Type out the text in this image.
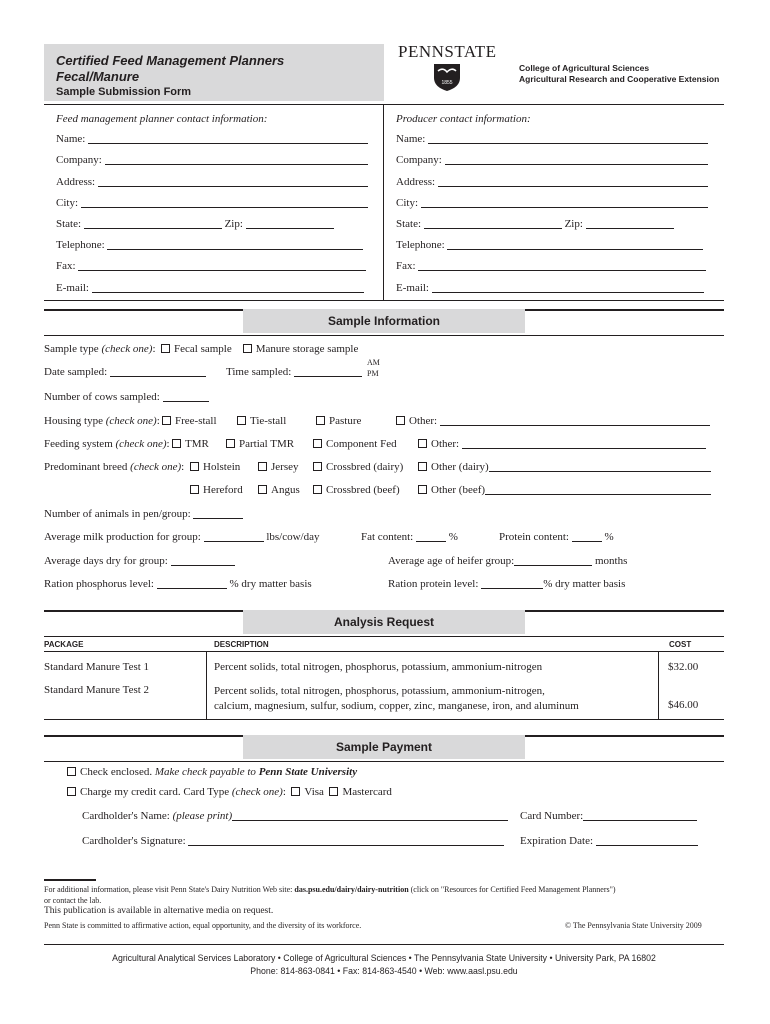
Certified Feed Management Planners
Fecal/Manure
Sample Submission Form
PENNSTATE
1855
College of Agricultural Sciences
Agricultural Research and Cooperative Extension
Feed management planner contact information:	Producer contact information:
Name:
Company:
Address:
City:
State:	Zip:
Telephone:
Fax:
E-mail:
Name:
Company:
Address:
City:
State:	Zip:
Telephone:
Fax:
E-mail:
Sample Information
Sample type (check one):  Fecal sample Manure storage sample
Date sampled:	Time sampled:
AM
PM
Number of cows sampled:
Housing type (check one):	Free-stall	Tie-stall	Pasture	Other:
Feeding system (check one):	TMR	Partial TMR	Component Fed	Other:
Predominant breed (check one):	Holstein	Jersey	Crossbred (dairy)	Other (dairy)
Hereford	Angus	Crossbred (beef)	Other (beef)
Number of animals in pen/group:
Average milk production for group:	lbs/cow/day	Fat content:	%	Protein content:	%
Average days dry for group:	Average age of heifer group:	months
Ration phosphorus level:	% dry matter basis	Ration protein level:	% dry matter basis
Analysis Request
PACKAGE	DESCRIPTION	COST
Standard Manure Test 1	Percent solids, total nitrogen, phosphorus, potassium, ammonium-nitrogen	$32.00
Standard Manure Test 2	Percent solids, total nitrogen, phosphorus, potassium, ammonium-nitrogen,
calcium, magnesium, sulfur, sodium, copper, zinc, manganese, iron, and aluminum	$46.00
Sample Payment
Check enclosed. Make check payable to Penn State University
Charge my credit card. Card Type (check one):  Visa Mastercard
Cardholder's Name: (please print)	Card Number:
Cardholder's Signature:	Expiration Date:
For additional information, please visit Penn State's Dairy Nutrition Web site: das.psu.edu/dairy/dairy-nutrition (click on "Resources for Certified Feed Management Planners")
or contact the lab.
This publication is available in alternative media on request.
Penn State is committed to affirmative action, equal opportunity, and the diversity of its workforce.	© The Pennsylvania State University 2009
Agricultural Analytical Services Laboratory • College of Agricultural Sciences • The Pennsylvania State University • University Park, PA 16802
Phone: 814-863-0841 • Fax: 814-863-4540 • Web: www.aasl.psu.edu
